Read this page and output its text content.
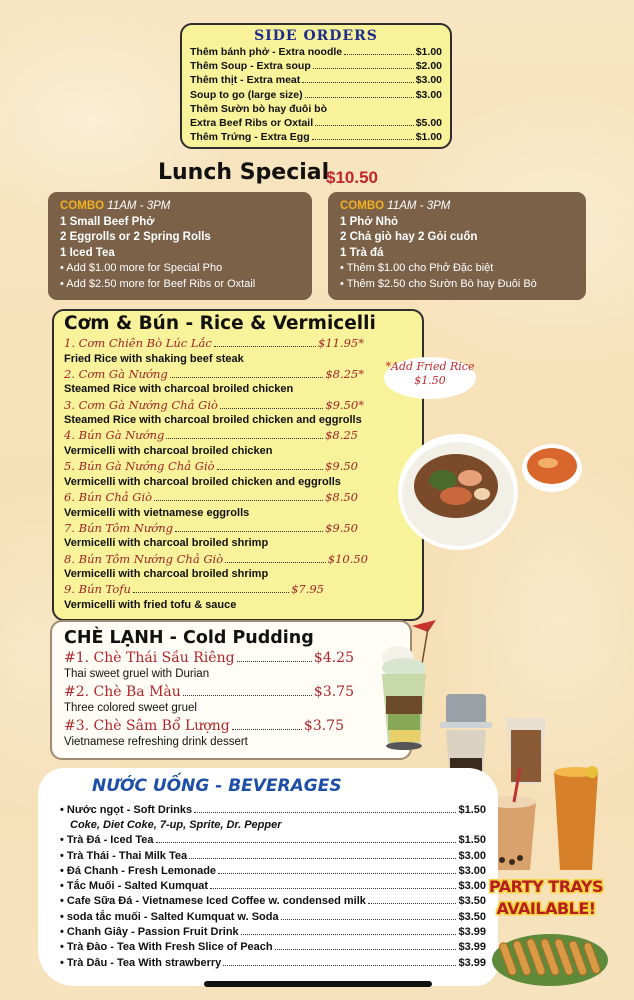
SIDE ORDERS
Thêm bánh phở - Extra noodle	$1.00
Thêm Soup - Extra soup	$2.00
Thêm thịt - Extra meat	$3.00
Soup to go (large size)	$3.00
Thêm Sườn bò hay đuôi bò
Extra Beef Ribs or Oxtail	$5.00
Thêm Trứng - Extra Egg	$1.00
Lunch Special
$10.50
COMBO 11AM - 3PM
1 Small Beef Phở
2 Eggrolls or 2 Spring Rolls
1 Iced Tea
• Add $1.00 more for Special Pho
• Add $2.50 more for Beef Ribs or Oxtail
COMBO 11AM - 3PM
1 Phở Nhỏ
2 Chả giò hay 2 Gỏi cuốn
1 Trà đá
• Thêm $1.00 cho Phở Đặc biệt
• Thêm $2.50 cho Sườn Bò hay Đuôi Bò
Cơm & Bún - Rice & Vermicelli
1. Cơm Chiên Bò Lúc Lắc	$11.95*
Fried Rice with shaking beef steak
2. Cơm Gà Nướng	$8.25*
Steamed Rice with charcoal broiled chicken
3. Cơm Gà Nướng Chả Giò	$9.50*
Steamed Rice with charcoal broiled chicken and eggrolls
4. Bún Gà Nướng	$8.25
Vermicelli with charcoal broiled chicken
5. Bún Gà Nướng Chả Giò	$9.50
Vermicelli with charcoal broiled chicken and eggrolls
6. Bún Chả Giò	$8.50
Vermicelli with vietnamese eggrolls
7. Bún Tôm Nướng	$9.50
Vermicelli with charcoal broiled shrimp
8. Bún Tôm Nướng Chả Giò	$10.50
Vermicelli with charcoal broiled shrimp
9. Bún Tofu	$7.95
Vermicelli with fried tofu & sauce
*Add Fried Rice
$1.50
CHÈ LẠNH - Cold Pudding
#1. Chè Thái Sầu Riêng	$4.25
Thai sweet gruel with Durian
#2. Chè Ba Màu	$3.75
Three colored sweet gruel
#3. Chè Sâm Bổ Lượng	$3.75
Vietnamese refreshing drink dessert
NƯỚC UỐNG - BEVERAGES
• Nước ngọt - Soft Drinks	$1.50
Coke, Diet Coke, 7-up, Sprite, Dr. Pepper
• Trà Đá - Iced Tea	$1.50
• Trà Thái - Thai Milk Tea	$3.00
• Đá Chanh - Fresh Lemonade	$3.00
• Tắc Muối - Salted Kumquat	$3.00
• Cafe Sữa Đá - Vietnamese Iced Coffee w. condensed milk	$3.50
• soda tắc muối - Salted Kumquat w. Soda	$3.50
• Chanh Giây - Passion Fruit Drink	$3.99
• Trà Đào - Tea With Fresh Slice of Peach	$3.99
• Trà Dâu - Tea With strawberry	$3.99
PARTY TRAYS
AVAILABLE!
